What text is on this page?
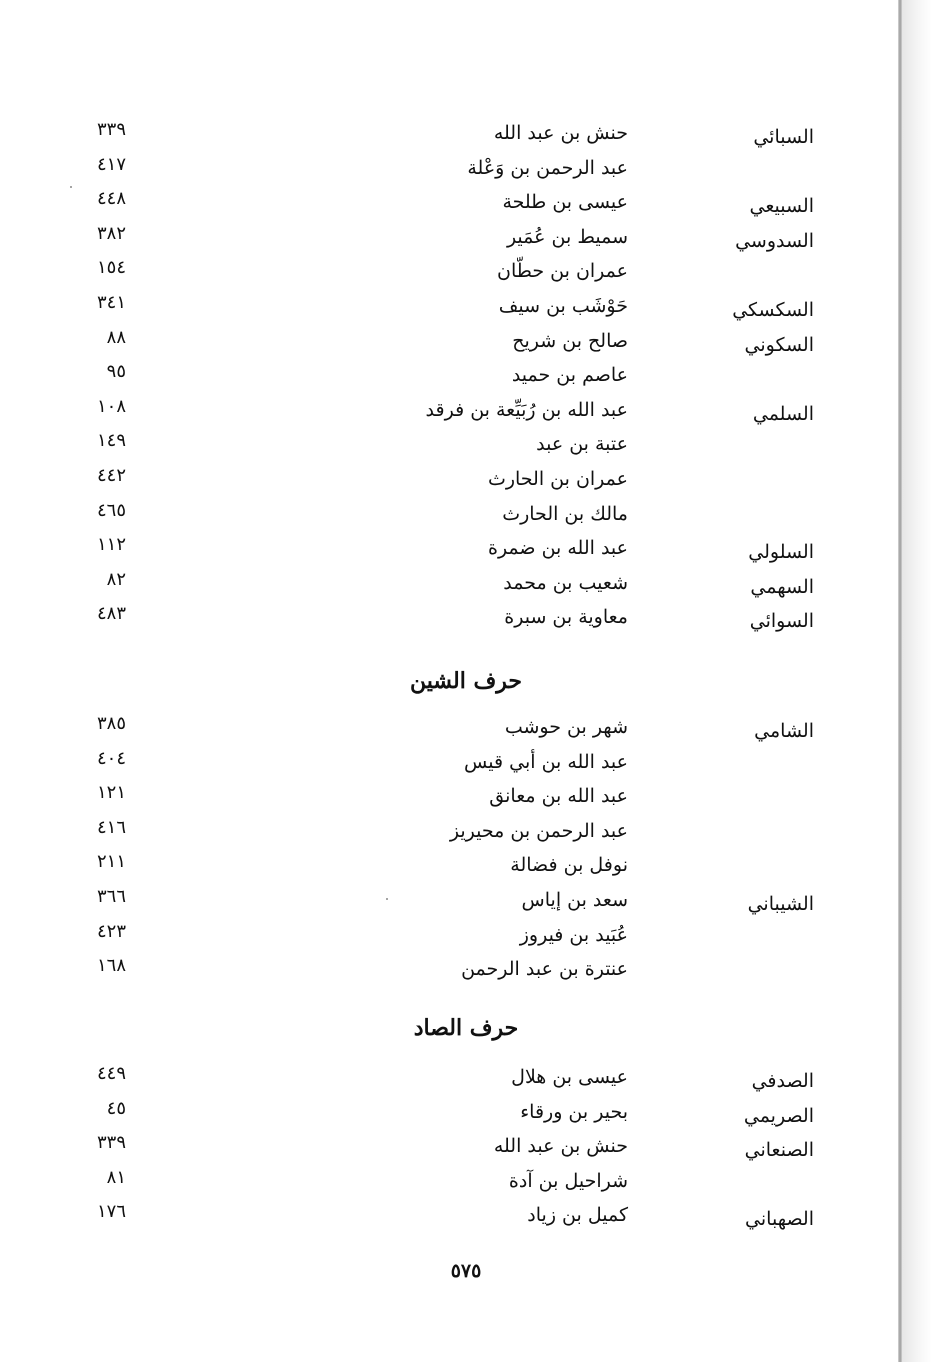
السبائي
حنش بن عبد الله
٣٣٩
عبد الرحمن بن وَعْلة
٤١٧
السبيعي
عيسى بن طلحة
٤٤٨
السدوسي
سميط بن عُمَير
٣٨٢
عمران بن حطّان
١٥٤
السكسكي
حَوْشَب بن سيف
٣٤١
السكوني
صالح بن شريح
٨٨
عاصم بن حميد
٩٥
السلمي
عبد الله بن رُبَيِّعة بن فرقد
١٠٨
عتبة بن عبد
١٤٩
عمران بن الحارث
٤٤٢
مالك بن الحارث
٤٦٥
السلولي
عبد الله بن ضمرة
١١٢
السهمي
شعيب بن محمد
٨٢
السوائي
معاوية بن سبرة
٤٨٣
حرف الشين
الشامي
شهر بن حوشب
٣٨٥
عبد الله بن أبي قيس
٤٠٤
عبد الله بن معانق
١٢١
عبد الرحمن بن محيريز
٤١٦
نوفل بن فضالة
٢١١
الشيباني
سعد بن إياس
٣٦٦
عُبَيد بن فيروز
٤٢٣
عنترة بن عبد الرحمن
١٦٨
حرف الصاد
الصدفي
عيسى بن هلال
٤٤٩
الصريمي
بحير بن ورقاء
٤٥
الصنعاني
حنش بن عبد الله
٣٣٩
شراحيل بن آدة
٨١
الصهباني
كميل بن زياد
١٧٦
٥٧٥
